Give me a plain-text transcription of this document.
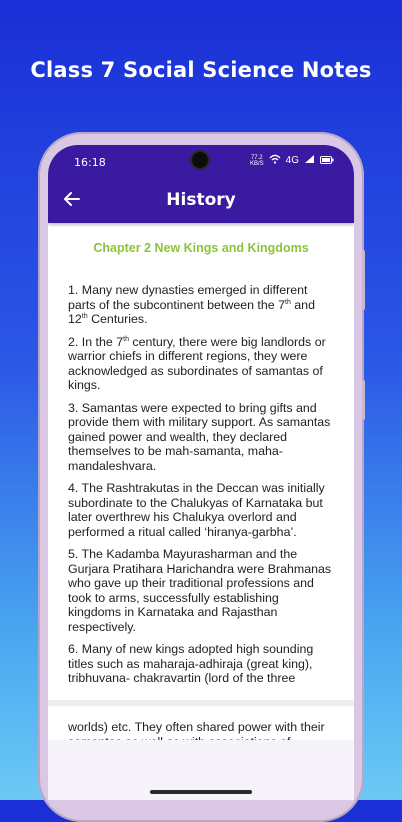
Class 7 Social Science Notes
16:18	77.2
KB/S 4G
History
Chapter 2 New Kings and Kingdoms

1. Many new dynasties emerged in different parts of the subcontinent between the 7th and 12th Centuries.

2. In the 7th century, there were big landlords or warrior chiefs in different regions, they were acknowledged as subordinates of samantas of kings.

3. Samantas were expected to bring gifts and provide them with military support. As samantas gained power and wealth, they declared themselves to be mah-samanta, maha-mandaleshvara.

4. The Rashtrakutas in the Deccan was initially subordinate to the Chalukyas of Karnataka but later overthrew his Chalukya overlord and performed a ritual called ‘hiranya-garbha’.

5. The Kadamba Mayurasharman and the Gurjara Pratihara Harichandra were Brahmanas who gave up their traditional professions and took to arms, successfully establishing kingdoms in Karnataka and Rajasthan respectively.

6. Many of new kings adopted high sounding titles such as maharaja-adhiraja (great king), tribhuvana- chakravartin (lord of the three

worlds) etc. They often shared power with their
